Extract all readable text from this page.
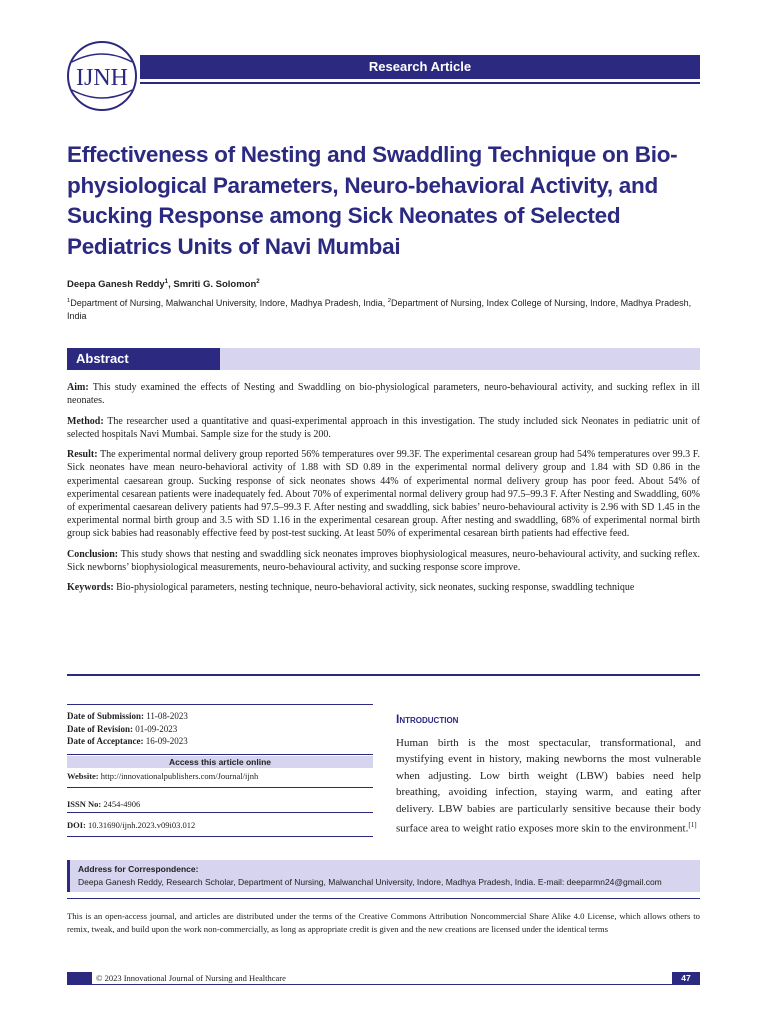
IJNH	Research Article
Effectiveness of Nesting and Swaddling Technique on Bio-physiological Parameters, Neuro-behavioral Activity, and Sucking Response among Sick Neonates of Selected Pediatrics Units of Navi Mumbai
Deepa Ganesh Reddy$^1$, Smriti G. Solomon$^2$
$^1$Department of Nursing, Malwanchal University, Indore, Madhya Pradesh, India, $^2$Department of Nursing, Index College of Nursing, Indore, Madhya Pradesh, India
Abstract

Aim: This study examined the effects of Nesting and Swaddling on bio-physiological parameters, neuro-behavioural activity, and sucking reflex in ill neonates.

Method: The researcher used a quantitative and quasi-experimental approach in this investigation. The study included sick Neonates in pediatric unit of selected hospitals Navi Mumbai. Sample size for the study is 200.

Result: The experimental normal delivery group reported 56% temperatures over 99.3F. The experimental cesarean group had 54% temperatures over 99.3 F. Sick neonates have mean neuro-behavioral activity of 1.88 with SD 0.89 in the experimental normal delivery group and 1.84 with SD 0.86 in the experimental caesarean group. Sucking response of sick neonates shows 44% of experimental normal delivery group has poor feed. About 54% of experimental cesarean patients were inadequately fed. About 70% of experimental normal delivery group had 97.5–99.3 F. After Nesting and Swaddling, 60% of experimental caesarean delivery patients had 97.5–99.3 F. After nesting and swaddling, sick babies’ neuro-behavioural activity is 2.96 with SD 1.45 in the experimental normal birth group and 3.5 with SD 1.16 in the experimental cesarean group. After nesting and swaddling, 68% of experimental normal birth group sick babies had reasonably effective feed by post-test sucking. At least 50% of experimental cesarean birth patients had effective feed.

Conclusion: This study shows that nesting and swaddling sick neonates improves biophysiological measures, neuro-behavioural activity, and sucking reflex. Sick newborns’ biophysiological measurements, neuro-behavioural activity, and sucking response score improve.

Keywords: Bio-physiological parameters, nesting technique, neuro-behavioral activity, sick neonates, sucking response, swaddling technique

Date of Submission: 11-08-2023
Date of Revision: 01-09-2023
Date of Acceptance: 16-09-2023
Access this article online
Website: http://innovationalpublishers.com/Journal/ijnh
ISSN No: 2454-4906
DOI: 10.31690/ijnh.2023.v09i03.012
Introduction
Human birth is the most spectacular, transformational, and mystifying event in history, making newborns the most vulnerable when adjusting. Low birth weight (LBW) babies need help breathing, avoiding infection, staying warm, and eating after delivery. LBW babies are particularly sensitive because their body surface area to weight ratio exposes more skin to the environment.[1]
Address for Correspondence:
Deepa Ganesh Reddy, Research Scholar, Department of Nursing, Malwanchal University, Indore, Madhya Pradesh, India. E-mail: deeparmn24@gmail.com
This is an open-access journal, and articles are distributed under the terms of the Creative Commons Attribution Noncommercial Share Alike 4.0 License, which allows others to remix, tweak, and build upon the work non-commercially, as long as appropriate credit is given and the new creations are licensed under the identical terms
© 2023 Innovational Journal of Nursing and Healthcare	47
